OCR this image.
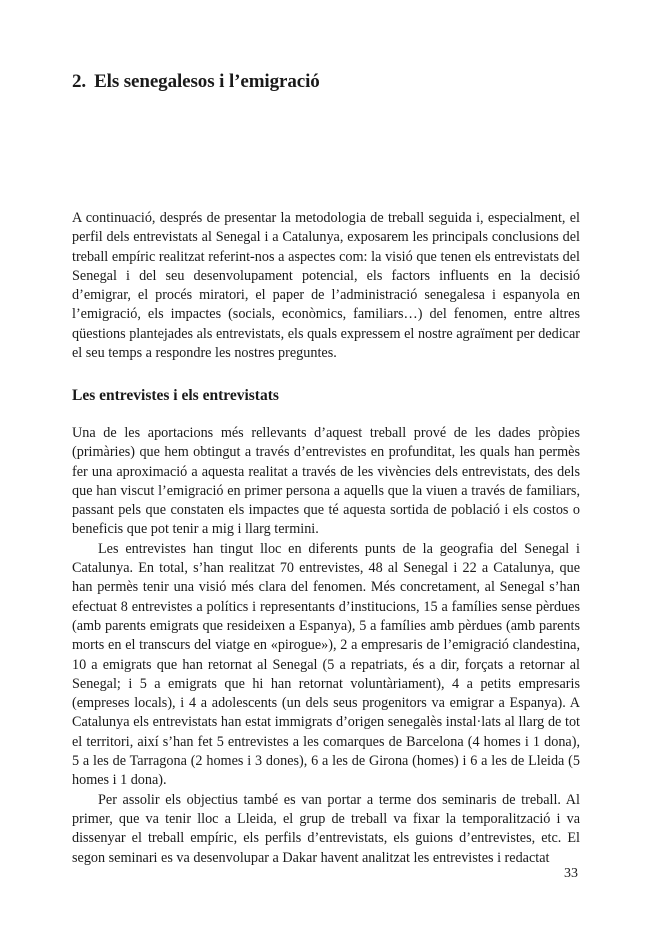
2. Els senegalesos i l’emigració

A continuació, després de presentar la metodologia de treball seguida i, especialment, el perfil dels entrevistats al Senegal i a Catalunya, exposarem les principals conclusions del treball empíric realitzat referint-nos a aspectes com: la visió que tenen els entrevistats del Senegal i del seu desenvolupament potencial, els factors influents en la decisió d’emigrar, el procés miratori, el paper de l’administració senegalesa i espanyola en l’emigració, els impactes (socials, econòmics, familiars…) del fenomen, entre altres qüestions plantejades als entrevistats, els quals expressem el nostre agraïment per dedicar el seu temps a respondre les nostres preguntes.

Les entrevistes i els entrevistats

Una de les aportacions més rellevants d’aquest treball prové de les dades pròpies (primàries) que hem obtingut a través d’entrevistes en profunditat, les quals han permès fer una aproximació a aquesta realitat a través de les vivències dels entrevistats, des dels que han viscut l’emigració en primer persona a aquells que la viuen a través de familiars, passant pels que constaten els impactes que té aquesta sortida de població i els costos o beneficis que pot tenir a mig i llarg termini.

Les entrevistes han tingut lloc en diferents punts de la geografia del Senegal i Catalunya. En total, s’han realitzat 70 entrevistes, 48 al Senegal i 22 a Catalunya, que han permès tenir una visió més clara del fenomen. Més concretament, al Senegal s’han efectuat 8 entrevistes a polítics i representants d’institucions, 15 a famílies sense pèrdues (amb parents emigrats que resideixen a Espanya), 5 a famílies amb pèrdues (amb parents morts en el transcurs del viatge en «pirogue»), 2 a empresaris de l’emigració clandestina, 10 a emigrats que han retornat al Senegal (5 a repatriats, és a dir, forçats a retornar al Senegal; i 5 a emigrats que hi han retornat voluntàriament), 4 a petits empresaris (empreses locals), i 4 a adolescents (un dels seus progenitors va emigrar a Espanya). A Catalunya els entrevistats han estat immigrats d’origen senegalès instal·lats al llarg de tot el territori, així s’han fet 5 entrevistes a les comarques de Barcelona (4 homes i 1 dona), 5 a les de Tarragona (2 homes i 3 dones), 6 a les de Girona (homes) i 6 a les de Lleida (5 homes i 1 dona).

Per assolir els objectius també es van portar a terme dos seminaris de treball. Al primer, que va tenir lloc a Lleida, el grup de treball va fixar la temporalització i va dissenyar el treball empíric, els perfils d’entrevistats, els guions d’entrevistes, etc. El segon seminari es va desenvolupar a Dakar havent analitzat les entrevistes i redactat

33
